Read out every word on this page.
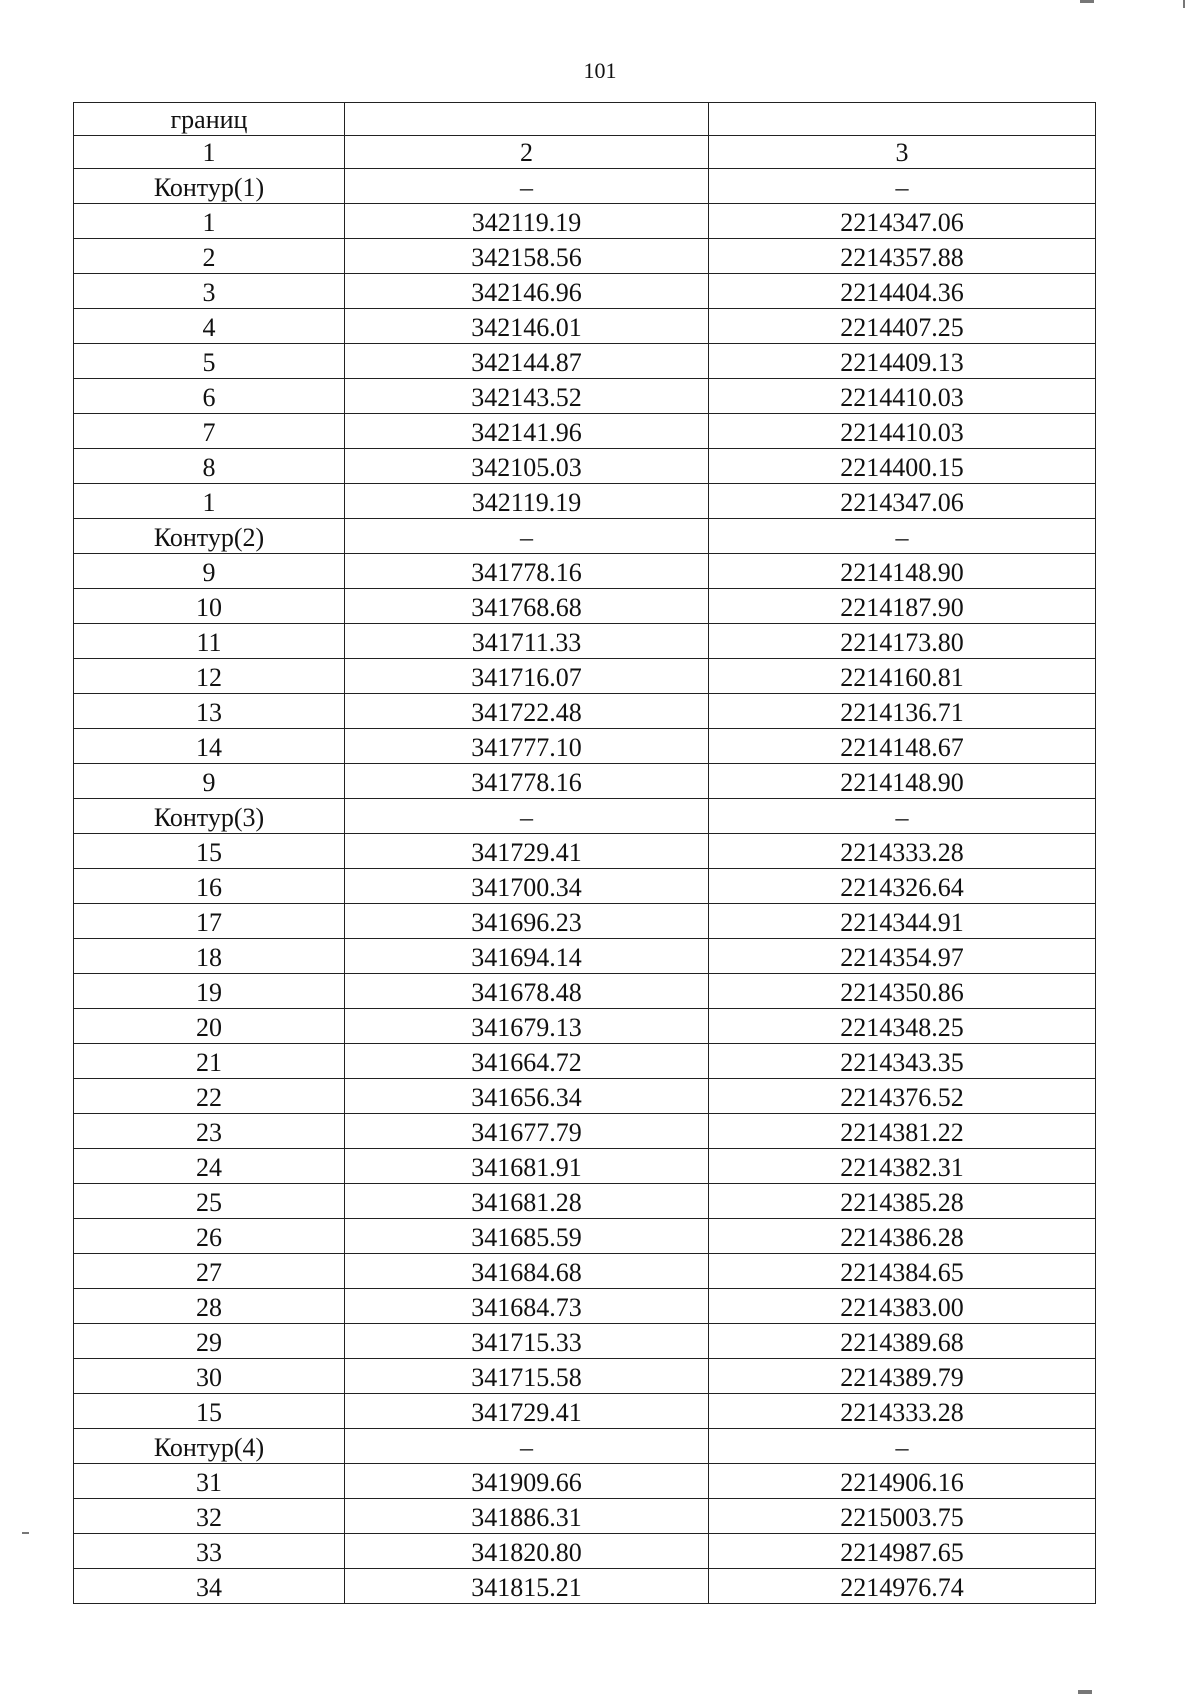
101
границ		
1	2	3
Контур(1)	–	–
1	342119.19	2214347.06
2	342158.56	2214357.88
3	342146.96	2214404.36
4	342146.01	2214407.25
5	342144.87	2214409.13
6	342143.52	2214410.03
7	342141.96	2214410.03
8	342105.03	2214400.15
1	342119.19	2214347.06
Контур(2)	–	–
9	341778.16	2214148.90
10	341768.68	2214187.90
11	341711.33	2214173.80
12	341716.07	2214160.81
13	341722.48	2214136.71
14	341777.10	2214148.67
9	341778.16	2214148.90
Контур(3)	–	–
15	341729.41	2214333.28
16	341700.34	2214326.64
17	341696.23	2214344.91
18	341694.14	2214354.97
19	341678.48	2214350.86
20	341679.13	2214348.25
21	341664.72	2214343.35
22	341656.34	2214376.52
23	341677.79	2214381.22
24	341681.91	2214382.31
25	341681.28	2214385.28
26	341685.59	2214386.28
27	341684.68	2214384.65
28	341684.73	2214383.00
29	341715.33	2214389.68
30	341715.58	2214389.79
15	341729.41	2214333.28
Контур(4)	–	–
31	341909.66	2214906.16
32	341886.31	2215003.75
33	341820.80	2214987.65
34	341815.21	2214976.74
